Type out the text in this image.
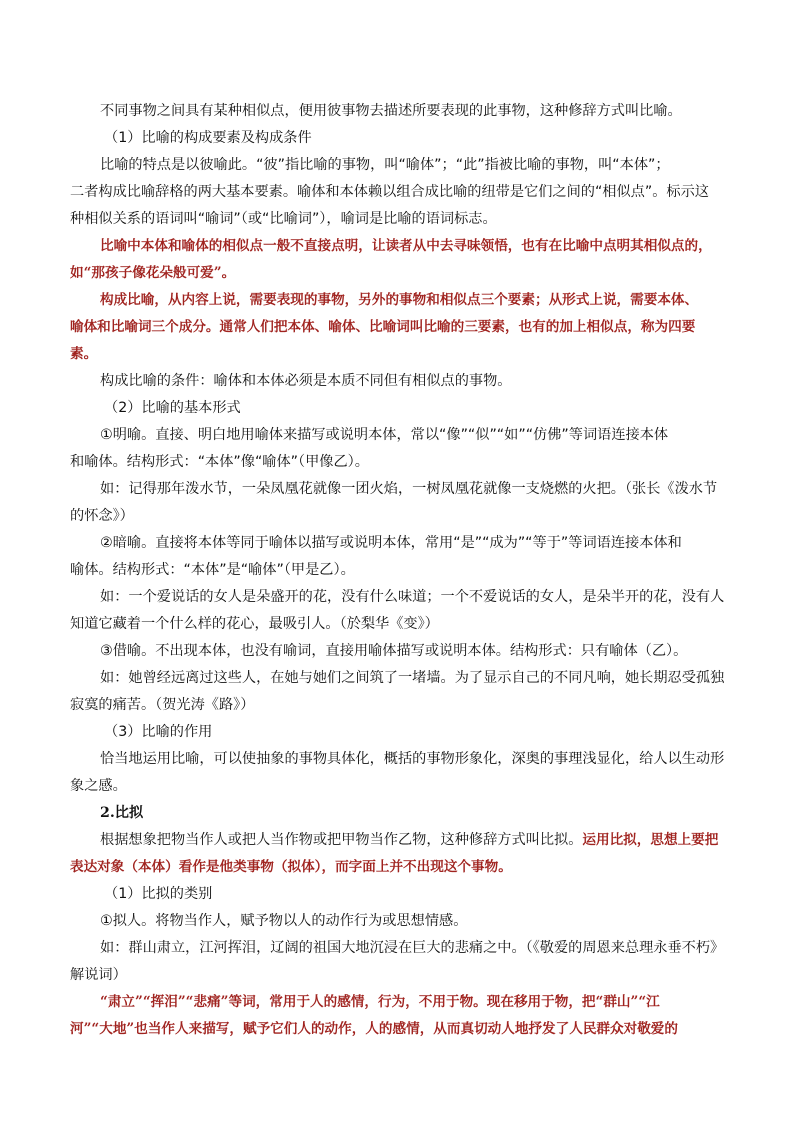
不同事物之间具有某种相似点，便用彼事物去描述所要表现的此事物，这种修辞方式叫比喻。
（1）比喻的构成要素及构成条件
比喻的特点是以彼喻此。“彼”指比喻的事物，叫“喻体”；“此”指被比喻的事物，叫“本体”；
二者构成比喻辞格的两大基本要素。喻体和本体赖以组合成比喻的纽带是它们之间的“相似点”。标示这
种相似关系的语词叫“喻词”（或“比喻词”），喻词是比喻的语词标志。
比喻中本体和喻体的相似点一般不直接点明，让读者从中去寻味领悟，也有在比喻中点明其相似点的，
如“那孩子像花朵般可爱”。
构成比喻，从内容上说，需要表现的事物，另外的事物和相似点三个要素；从形式上说，需要本体、
喻体和比喻词三个成分。通常人们把本体、喻体、比喻词叫比喻的三要素，也有的加上相似点，称为四要
素。
构成比喻的条件：喻体和本体必须是本质不同但有相似点的事物。
（2）比喻的基本形式
①明喻。直接、明白地用喻体来描写或说明本体，常以“像”“似”“如”“仿佛”等词语连接本体
和喻体。结构形式：“本体”像“喻体”（甲像乙）。
如：记得那年泼水节，一朵凤凰花就像一团火焰，一树凤凰花就像一支烧燃的火把。（张长《泼水节
的怀念》）
②暗喻。直接将本体等同于喻体以描写或说明本体，常用“是”“成为”“等于”等词语连接本体和
喻体。结构形式：“本体”是“喻体”（甲是乙）。
如：一个爱说话的女人是朵盛开的花，没有什么味道；一个不爱说话的女人，是朵半开的花，没有人
知道它藏着一个什么样的花心，最吸引人。（於梨华《变》）
③借喻。不出现本体，也没有喻词，直接用喻体描写或说明本体。结构形式：只有喻体（乙）。
如：她曾经远离过这些人，在她与她们之间筑了一堵墙。为了显示自己的不同凡响，她长期忍受孤独
寂寞的痛苦。（贺光涛《路》）
（3）比喻的作用
恰当地运用比喻，可以使抽象的事物具体化，概括的事物形象化，深奥的事理浅显化，给人以生动形
象之感。
2.比拟
根据想象把物当作人或把人当作物或把甲物当作乙物，这种修辞方式叫比拟。运用比拟，思想上要把
表达对象（本体）看作是他类事物（拟体），而字面上并不出现这个事物。
（1）比拟的类别
①拟人。将物当作人，赋予物以人的动作行为或思想情感。
如：群山肃立，江河挥泪，辽阔的祖国大地沉浸在巨大的悲痛之中。（《敬爱的周恩来总理永垂不朽》
解说词）
“肃立”“挥泪”“悲痛”等词，常用于人的感情，行为，不用于物。现在移用于物，把“群山”“江
河”“大地”也当作人来描写，赋予它们人的动作，人的感情，从而真切动人地抒发了人民群众对敬爱的
